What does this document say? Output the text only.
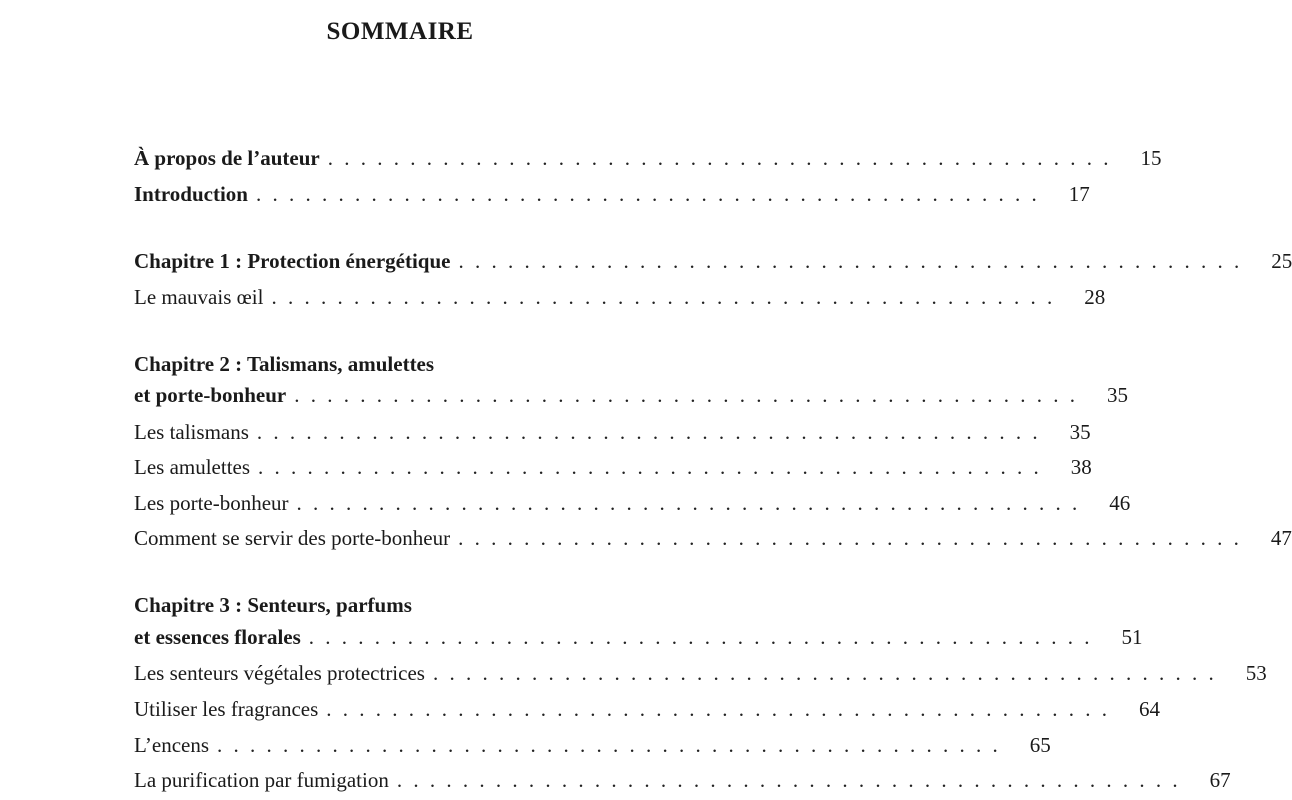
SOMMAIRE
À propos de l’auteur . . . . . . . . . . . . . . . . . . . . . . . . . . . . . . . . . . . . . . . . . . . . . . . .	15
Introduction . . . . . . . . . . . . . . . . . . . . . . . . . . . . . . . . . . . . . . . . . . . . . . . .	17
Chapitre 1 : Protection énergétique . . . . . . . . . . . . . . . . . . . . . . . . . . . . . . . . . . . . . . . . . . . . . . . .	25
Le mauvais œil . . . . . . . . . . . . . . . . . . . . . . . . . . . . . . . . . . . . . . . . . . . . . . . .	28
Chapitre 2 : Talismans, amulettes
et porte-bonheur . . . . . . . . . . . . . . . . . . . . . . . . . . . . . . . . . . . . . . . . . . . . . . . .	35
Les talismans . . . . . . . . . . . . . . . . . . . . . . . . . . . . . . . . . . . . . . . . . . . . . . . .	35
Les amulettes . . . . . . . . . . . . . . . . . . . . . . . . . . . . . . . . . . . . . . . . . . . . . . . .	38
Les porte-bonheur . . . . . . . . . . . . . . . . . . . . . . . . . . . . . . . . . . . . . . . . . . . . . . . .	46
Comment se servir des porte-bonheur . . . . . . . . . . . . . . . . . . . . . . . . . . . . . . . . . . . . . . . . . . . . . . . .	47
Chapitre 3 : Senteurs, parfums
et essences florales . . . . . . . . . . . . . . . . . . . . . . . . . . . . . . . . . . . . . . . . . . . . . . . .	51
Les senteurs végétales protectrices . . . . . . . . . . . . . . . . . . . . . . . . . . . . . . . . . . . . . . . . . . . . . . . .	53
Utiliser les fragrances . . . . . . . . . . . . . . . . . . . . . . . . . . . . . . . . . . . . . . . . . . . . . . . .	64
L’encens . . . . . . . . . . . . . . . . . . . . . . . . . . . . . . . . . . . . . . . . . . . . . . . .	65
La purification par fumigation . . . . . . . . . . . . . . . . . . . . . . . . . . . . . . . . . . . . . . . . . . . . . . . .	67
